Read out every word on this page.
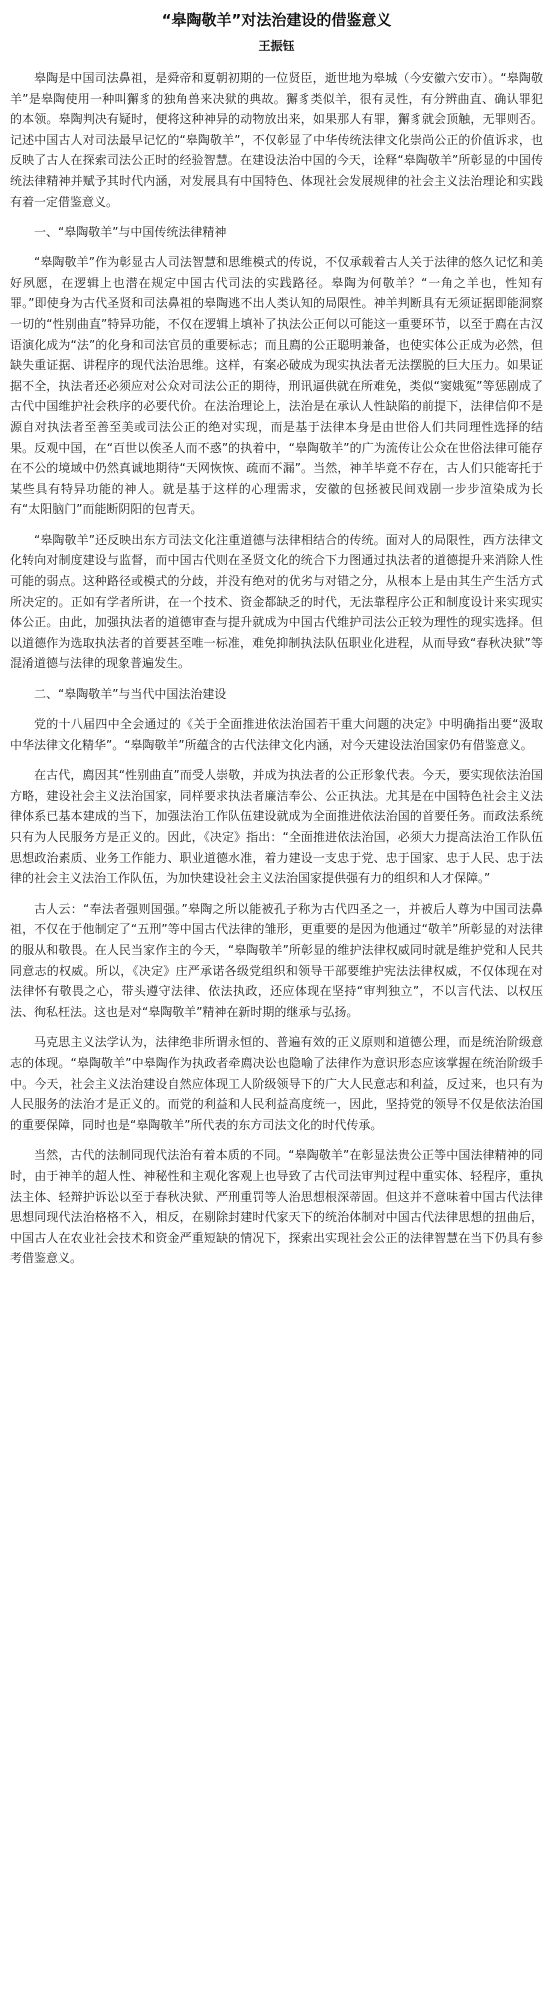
“皋陶敬羊”对法治建设的借鉴意义
王振钰

皋陶是中国司法鼻祖，是舜帝和夏朝初期的一位贤臣，逝世地为皋城（今安徽六安市）。“皋陶敬羊”是皋陶使用一种叫獬豸的独角兽来决狱的典故。獬豸类似羊，很有灵性，有分辨曲直、确认罪犯的本领。皋陶判决有疑时，便将这种神异的动物放出来，如果那人有罪，獬豸就会顶触，无罪则否。记述中国古人对司法最早记忆的“皋陶敬羊”，不仅彰显了中华传统法律文化崇尚公正的价值诉求，也反映了古人在探索司法公正时的经验智慧。在建设法治中国的今天，诠释“皋陶敬羊”所彰显的中国传统法律精神并赋予其时代内涵，对发展具有中国特色、体现社会发展规律的社会主义法治理论和实践有着一定借鉴意义。

一、“皋陶敬羊”与中国传统法律精神

“皋陶敬羊”作为彰显古人司法智慧和思维模式的传说，不仅承载着古人关于法律的悠久记忆和美好夙愿，在逻辑上也潜在规定中国古代司法的实践路径。皋陶为何敬羊？“一角之羊也，性知有罪。”即使身为古代圣贤和司法鼻祖的皋陶逃不出人类认知的局限性。神羊判断具有无须证据即能洞察一切的“性别曲直”特异功能，不仅在逻辑上填补了执法公正何以可能这一重要环节，以至于廌在古汉语演化成为“法”的化身和司法官员的重要标志；而且廌的公正聪明兼备，也使实体公正成为必然，但缺失重证据、讲程序的现代法治思维。这样，有案必破成为现实执法者无法摆脱的巨大压力。如果证据不全，执法者还必须应对公众对司法公正的期待，刑讯逼供就在所难免，类似“窦娥冤”等惩剧成了古代中国维护社会秩序的必要代价。在法治理论上，法治是在承认人性缺陷的前提下，法律信仰不是源自对执法者至善至美或司法公正的绝对实现，而是基于法律本身是由世俗人们共同理性选择的结果。反观中国，在“百世以俟圣人而不惑”的执着中，“皋陶敬羊”的广为流传让公众在世俗法律可能存在不公的境域中仍然真诚地期待“天网恢恢、疏而不漏”。当然，神羊毕竟不存在，古人们只能寄托于某些具有特异功能的神人。就是基于这样的心理需求，安徽的包拯被民间戏剧一步步渲染成为长有“太阳脑门”而能断阴阳的包青天。

“皋陶敬羊”还反映出东方司法文化注重道德与法律相结合的传统。面对人的局限性，西方法律文化转向对制度建设与监督，而中国古代则在圣贤文化的统合下力图通过执法者的道德提升来消除人性可能的弱点。这种路径或模式的分歧，并没有绝对的优劣与对错之分，从根本上是由其生产生活方式所决定的。正如有学者所讲，在一个技术、资金都缺乏的时代，无法靠程序公正和制度设计来实现实体公正。由此，加强执法者的道德审查与提升就成为中国古代维护司法公正较为理性的现实选择。但以道德作为选取执法者的首要甚至唯一标准，难免抑制执法队伍职业化进程，从而导致“春秋决狱”等混淆道德与法律的现象普遍发生。

二、“皋陶敬羊”与当代中国法治建设

党的十八届四中全会通过的《关于全面推进依法治国若干重大问题的决定》中明确指出要“汲取中华法律文化精华”。“皋陶敬羊”所蕴含的古代法律文化内涵，对今天建设法治国家仍有借鉴意义。

在古代，廌因其“性别曲直”而受人崇敬，并成为执法者的公正形象代表。今天，要实现依法治国方略，建设社会主义法治国家，同样要求执法者廉洁奉公、公正执法。尤其是在中国特色社会主义法律体系已基本建成的当下，加强法治工作队伍建设就成为全面推进依法治国的首要任务。而政法系统只有为人民服务方是正义的。因此，《决定》指出：“全面推进依法治国，必须大力提高法治工作队伍思想政治素质、业务工作能力、职业道德水准，着力建设一支忠于党、忠于国家、忠于人民、忠于法律的社会主义法治工作队伍，为加快建设社会主义法治国家提供强有力的组织和人才保障。”

古人云：“奉法者强则国强。”皋陶之所以能被孔子称为古代四圣之一，并被后人尊为中国司法鼻祖，不仅在于他制定了“五刑”等中国古代法律的雏形，更重要的是因为他通过“敬羊”所彰显的对法律的服从和敬畏。在人民当家作主的今天，“皋陶敬羊”所彰显的维护法律权威同时就是维护党和人民共同意志的权威。所以，《决定》庄严承诺各级党组织和领导干部要维护宪法法律权威，不仅体现在对法律怀有敬畏之心，带头遵守法律、依法执政，还应体现在坚持“审判独立”，不以言代法、以权压法、徇私枉法。这也是对“皋陶敬羊”精神在新时期的继承与弘扬。

马克思主义法学认为，法律绝非所谓永恒的、普遍有效的正义原则和道德公理，而是统治阶级意志的体现。“皋陶敬羊”中皋陶作为执政者牵廌决讼也隐喻了法律作为意识形态应该掌握在统治阶级手中。今天，社会主义法治建设自然应体现工人阶级领导下的广大人民意志和利益，反过来，也只有为人民服务的法治才是正义的。而党的利益和人民利益高度统一，因此，坚持党的领导不仅是依法治国的重要保障，同时也是“皋陶敬羊”所代表的东方司法文化的时代传承。

当然，古代的法制同现代法治有着本质的不同。“皋陶敬羊”在彰显法贵公正等中国法律精神的同时，由于神羊的超人性、神秘性和主观化客观上也导致了古代司法审判过程中重实体、轻程序，重执法主体、轻辩护诉讼以至于春秋决狱、严刑重罚等人治思想根深蒂固。但这并不意味着中国古代法律思想同现代法治格格不入，相反，在剔除封建时代家天下的统治体制对中国古代法律思想的扭曲后，中国古人在农业社会技术和资金严重短缺的情况下，探索出实现社会公正的法律智慧在当下仍具有参考借鉴意义。
